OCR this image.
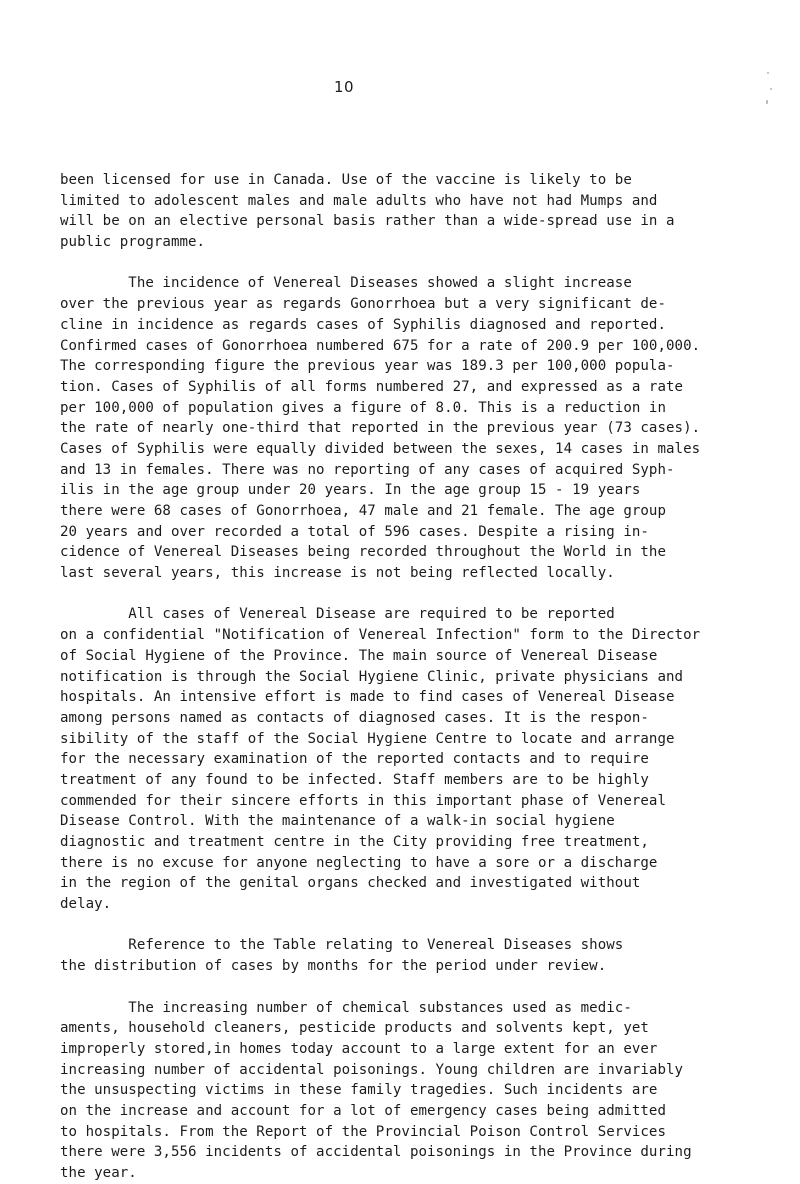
10
been licensed for use in Canada. Use of the vaccine is likely to be
limited to adolescent males and male adults who have not had Mumps and
will be on an elective personal basis rather than a wide-spread use in a
public programme.
The incidence of Venereal Diseases showed a slight increase
over the previous year as regards Gonorrhoea but a very significant de-
cline in incidence as regards cases of Syphilis diagnosed and reported.
Confirmed cases of Gonorrhoea numbered 675 for a rate of 200.9 per 100,000.
The corresponding figure the previous year was 189.3 per 100,000 popula-
tion. Cases of Syphilis of all forms numbered 27, and expressed as a rate
per 100,000 of population gives a figure of 8.0. This is a reduction in
the rate of nearly one-third that reported in the previous year (73 cases).
Cases of Syphilis were equally divided between the sexes, 14 cases in males
and 13 in females. There was no reporting of any cases of acquired Syph-
ilis in the age group under 20 years. In the age group 15 - 19 years
there were 68 cases of Gonorrhoea, 47 male and 21 female. The age group
20 years and over recorded a total of 596 cases. Despite a rising in-
cidence of Venereal Diseases being recorded throughout the World in the
last several years, this increase is not being reflected locally.
All cases of Venereal Disease are required to be reported
on a confidential "Notification of Venereal Infection" form to the Director
of Social Hygiene of the Province. The main source of Venereal Disease
notification is through the Social Hygiene Clinic, private physicians and
hospitals. An intensive effort is made to find cases of Venereal Disease
among persons named as contacts of diagnosed cases. It is the respon-
sibility of the staff of the Social Hygiene Centre to locate and arrange
for the necessary examination of the reported contacts and to require
treatment of any found to be infected. Staff members are to be highly
commended for their sincere efforts in this important phase of Venereal
Disease Control. With the maintenance of a walk-in social hygiene
diagnostic and treatment centre in the City providing free treatment,
there is no excuse for anyone neglecting to have a sore or a discharge
in the region of the genital organs checked and investigated without
delay.
Reference to the Table relating to Venereal Diseases shows
the distribution of cases by months for the period under review.
The increasing number of chemical substances used as medic-
aments, household cleaners, pesticide products and solvents kept, yet
improperly stored,in homes today account to a large extent for an ever
increasing number of accidental poisonings. Young children are invariably
the unsuspecting victims in these family tragedies. Such incidents are
on the increase and account for a lot of emergency cases being admitted
to hospitals. From the Report of the Provincial Poison Control Services
there were 3,556 incidents of accidental poisonings in the Province during
the year.
